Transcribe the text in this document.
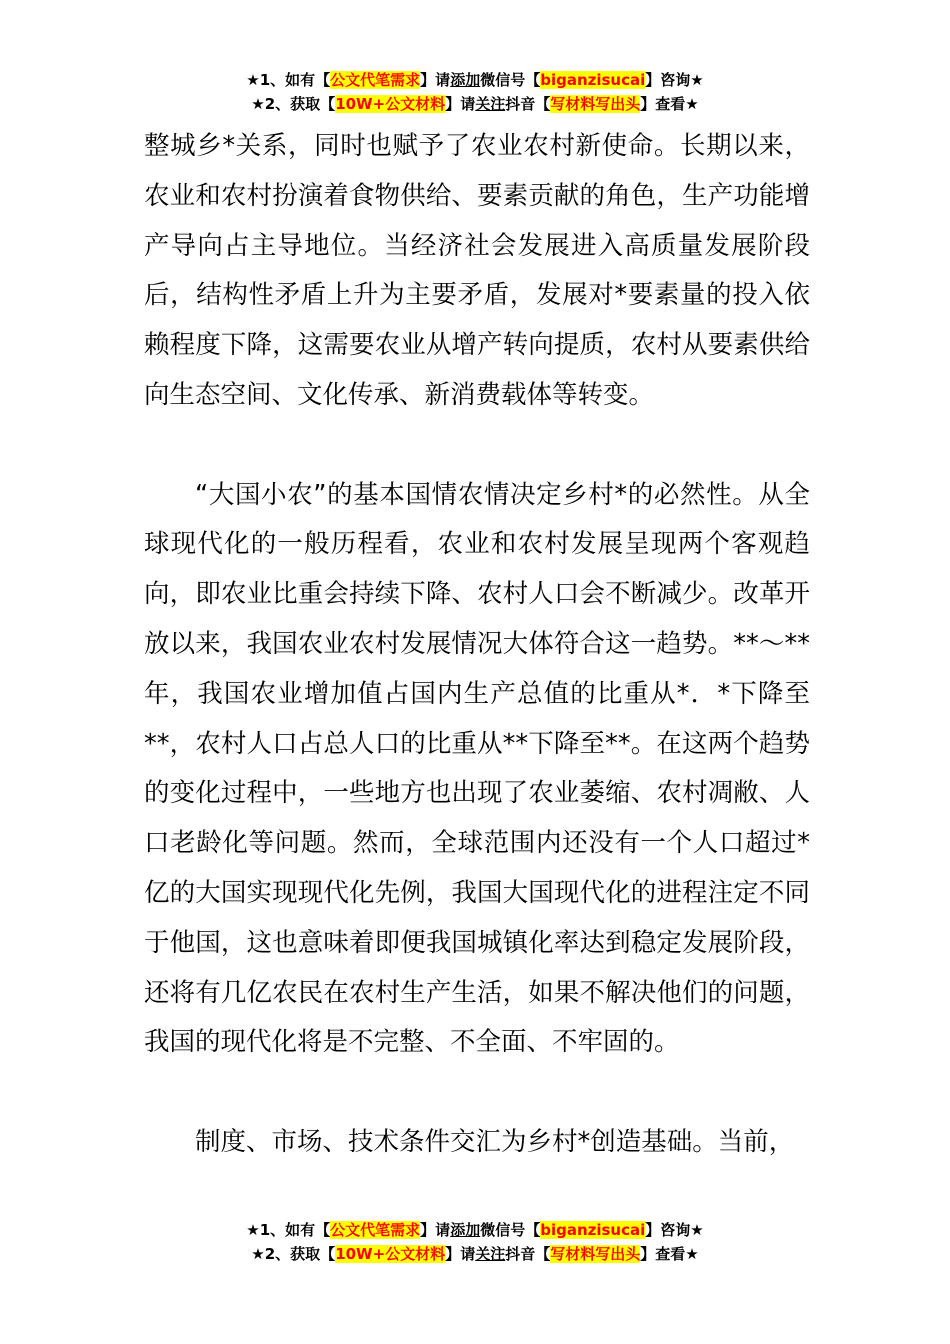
★1、如有【公文代笔需求】请添加微信号【biganzisucai】咨询★
★2、获取【10W+公文材料】请关注抖音【写材料写出头】查看★

整城乡*关系，同时也赋予了农业农村新使命。长期以来，农业和农村扮演着食物供给、要素贡献的角色，生产功能增产导向占主导地位。当经济社会发展进入高质量发展阶段后，结构性矛盾上升为主要矛盾，发展对*要素量的投入依赖程度下降，这需要农业从增产转向提质，农村从要素供给向生态空间、文化传承、新消费载体等转变。

“大国小农”的基本国情农情决定乡村*的必然性。从全球现代化的一般历程看，农业和农村发展呈现两个客观趋向，即农业比重会持续下降、农村人口会不断减少。改革开放以来，我国农业农村发展情况大体符合这一趋势。**～**年，我国农业增加值占国内生产总值的比重从*．*下降至**，农村人口占总人口的比重从**下降至**。在这两个趋势的变化过程中，一些地方也出现了农业萎缩、农村凋敝、人口老龄化等问题。然而，全球范围内还没有一个人口超过*亿的大国实现现代化先例，我国大国现代化的进程注定不同于他国，这也意味着即便我国城镇化率达到稳定发展阶段，还将有几亿农民在农村生产生活，如果不解决他们的问题，我国的现代化将是不完整、不全面、不牢固的。

制度、市场、技术条件交汇为乡村*创造基础。当前，

★1、如有【公文代笔需求】请添加微信号【biganzisucai】咨询★
★2、获取【10W+公文材料】请关注抖音【写材料写出头】查看★
